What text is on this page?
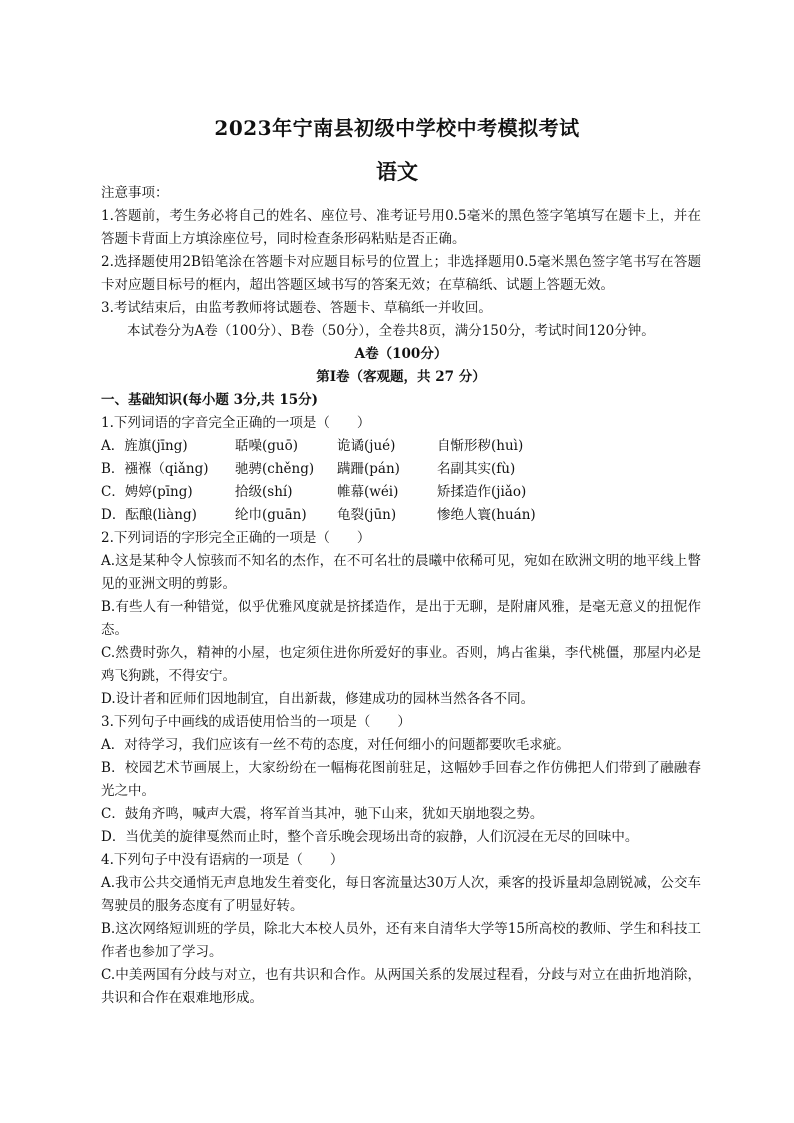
2023年宁南县初级中学校中考模拟考试
语文
注意事项：
1.答题前，考生务必将自己的姓名、座位号、准考证号用0.5毫米的黑色签字笔填写在题卡上，并在答题卡背面上方填涂座位号，同时检查条形码粘贴是否正确。
2.选择题使用2B铅笔涂在答题卡对应题目标号的位置上；非选择题用0.5毫米黑色签字笔书写在答题卡对应题目标号的框内，超出答题区域书写的答案无效；在草稿纸、试题上答题无效。
3.考试结束后，由监考教师将试题卷、答题卡、草稿纸一并收回。
本试卷分为A卷（100分）、B卷（50分），全卷共8页，满分150分，考试时间120分钟。
A卷（100分）
第Ⅰ卷（客观题，共 27 分）
一、基础知识(每小题 3分,共 15分)
1.下列词语的字音完全正确的一项是（　　）
A．旌旗(jīng)	聒噪(guō)	诡谲(jué)	自惭形秽(huì)
B．襁褓（qiǎng)	驰骋(chěng)	蹒跚(pán)	名副其实(fù)
C．娉婷(pīng)	拾级(shí)	帷幕(wéi)	矫揉造作(jiǎo)
D．酝酿(liàng)	纶巾(guān)	龟裂(jūn)	惨绝人寰(huán)
2.下列词语的字形完全正确的一项是（　　）
A.这是某种令人惊骇而不知名的杰作，在不可名壮的晨曦中依稀可见，宛如在欧洲文明的地平线上瞥见的亚洲文明的剪影。
B.有些人有一种错觉，似乎优雅风度就是挤揉造作，是出于无聊，是附庸风雅，是毫无意义的扭怩作态。
C.然费时弥久，精神的小屋，也定须住进你所爱好的事业。否则，鸠占雀巢，李代桃僵，那屋内必是鸡飞狗跳，不得安宁。
D.设计者和匠师们因地制宜，自出新裁，修建成功的园林当然各各不同。
3.下列句子中画线的成语使用恰当的一项是（　　）
A．对待学习，我们应该有一丝不苟的态度，对任何细小的问题都要吹毛求疵。
B．校园艺术节画展上，大家纷纷在一幅梅花图前驻足，这幅妙手回春之作仿佛把人们带到了融融春光之中。
C．鼓角齐鸣，喊声大震，将军首当其冲，驰下山来，犹如天崩地裂之势。
D．当优美的旋律戛然而止时，整个音乐晚会现场出奇的寂静，人们沉浸在无尽的回味中。
4.下列句子中没有语病的一项是（　　）
A.我市公共交通悄无声息地发生着变化，每日客流量达30万人次，乘客的投诉量却急剧锐减，公交车驾驶员的服务态度有了明显好转。
B.这次网络短训班的学员，除北大本校人员外，还有来自清华大学等15所高校的教师、学生和科技工作者也参加了学习。
C.中美两国有分歧与对立，也有共识和合作。从两国关系的发展过程看，分歧与对立在曲折地消除，共识和合作在艰难地形成。
